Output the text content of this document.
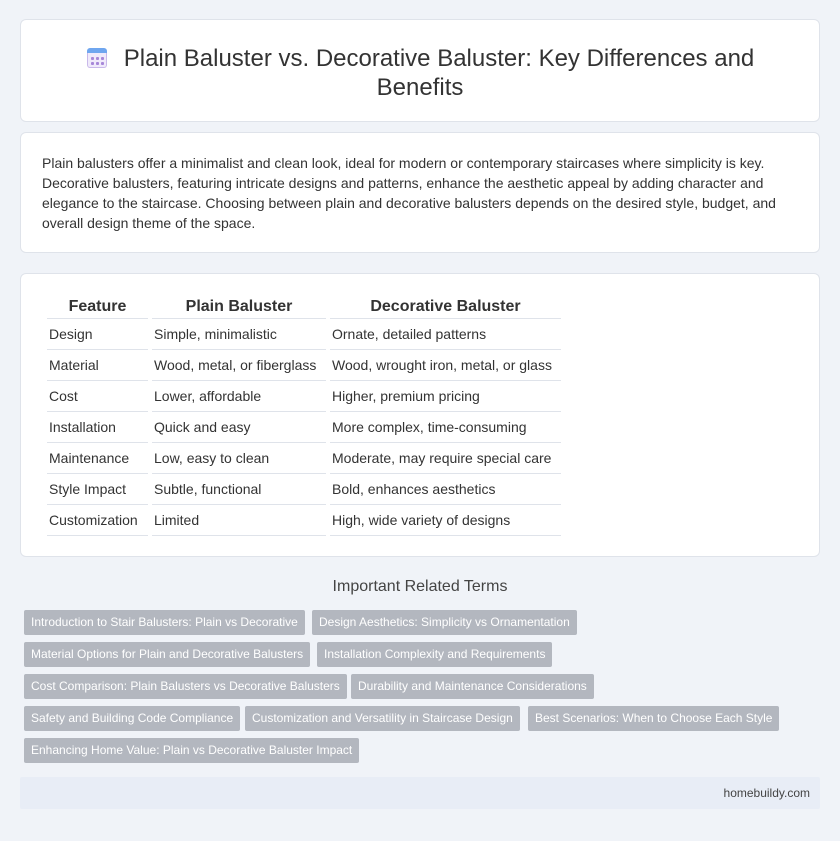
Plain Baluster vs. Decorative Baluster: Key Differences and Benefits

Plain balusters offer a minimalist and clean look, ideal for modern or contemporary staircases where simplicity is key. Decorative balusters, featuring intricate designs and patterns, enhance the aesthetic appeal by adding character and elegance to the staircase. Choosing between plain and decorative balusters depends on the desired style, budget, and overall design theme of the space.

Feature	Plain Baluster	Decorative Baluster
Design	Simple, minimalistic	Ornate, detailed patterns
Material	Wood, metal, or fiberglass	Wood, wrought iron, metal, or glass
Cost	Lower, affordable	Higher, premium pricing
Installation	Quick and easy	More complex, time-consuming
Maintenance	Low, easy to clean	Moderate, may require special care
Style Impact	Subtle, functional	Bold, enhances aesthetics
Customization	Limited	High, wide variety of designs
Important Related Terms
Introduction to Stair Balusters: Plain vs Decorative	Design Aesthetics: Simplicity vs Ornamentation
Material Options for Plain and Decorative Balusters	Installation Complexity and Requirements
Cost Comparison: Plain Balusters vs Decorative Balusters	Durability and Maintenance Considerations
Safety and Building Code Compliance	Customization and Versatility in Staircase Design	Best Scenarios: When to Choose Each Style
Enhancing Home Value: Plain vs Decorative Baluster Impact
homebuildy.com
